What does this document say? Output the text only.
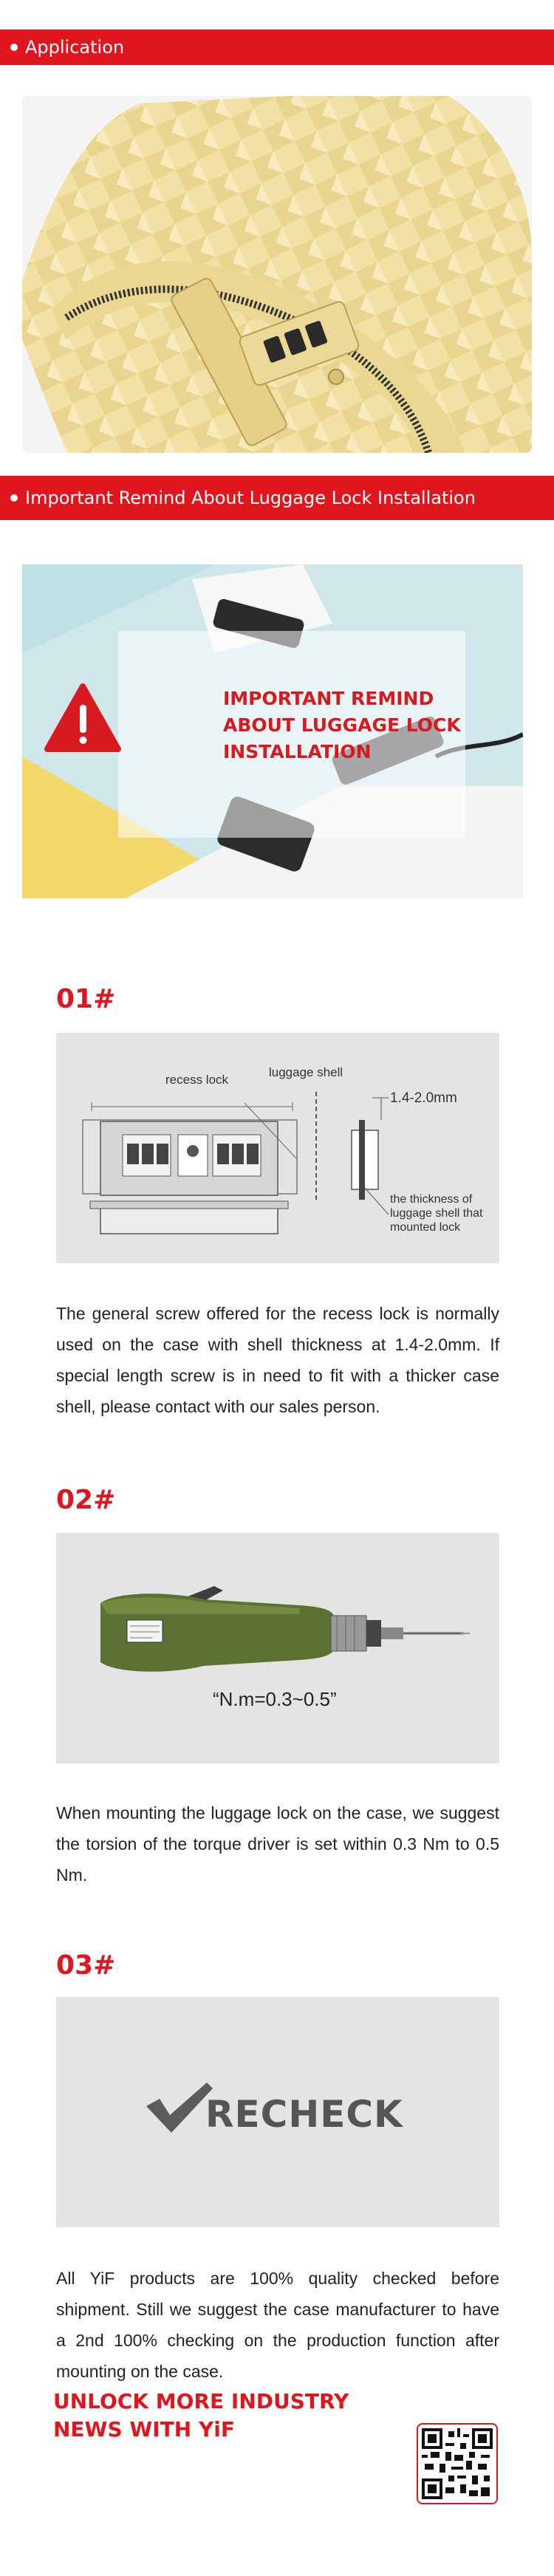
Application
Important Remind About Luggage Lock Installation
IMPORTANT REMIND
ABOUT LUGGAGE LOCK
INSTALLATION
01#
recess lock
luggage shell
1.4-2.0mm
the thickness of
luggage shell that
mounted lock
The general screw offered for the recess lock is normally used on the case with shell thickness at 1.4-2.0mm. If special length screw is in need to fit with a thicker case shell, please contact with our sales person.
02#
“N.m=0.3~0.5”
When mounting the luggage lock on the case, we suggest the torsion of the torque driver is set within 0.3 Nm to 0.5 Nm.
03#
RECHECK
All YiF products are 100% quality checked before shipment. Still we suggest the case manufacturer to have a 2nd 100% checking on the production function after mounting on the case.
UNLOCK MORE INDUSTRY
NEWS WITH YiF
